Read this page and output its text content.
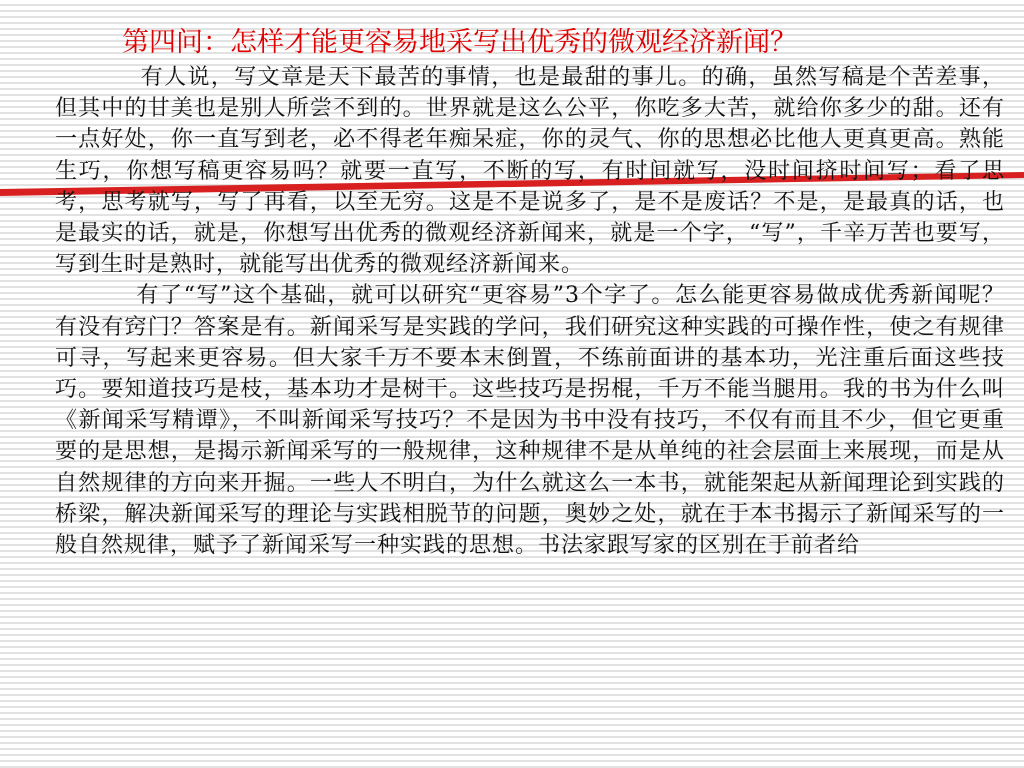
第四问：怎样才能更容易地采写出优秀的微观经济新闻？

有人说，写文章是天下最苦的事情，也是最甜的事儿。的确，虽然写稿是个苦差事，但其中的甘美也是别人所尝不到的。世界就是这么公平，你吃多大苦，就给你多少的甜。还有一点好处，你一直写到老，必不得老年痴呆症，你的灵气、你的思想必比他人更真更高。熟能生巧，你想写稿更容易吗？就要一直写，不断的写，有时间就写，没时间挤时间写；看了思考，思考就写，写了再看，以至无穷。这是不是说多了，是不是废话？不是，是最真的话，也是最实的话，就是，你想写出优秀的微观经济新闻来，就是一个字，“写”，千辛万苦也要写，写到生时是熟时，就能写出优秀的微观经济新闻来。

有了“写”这个基础，就可以研究“更容易”3个字了。怎么能更容易做成优秀新闻呢？有没有窍门？答案是有。新闻采写是实践的学问，我们研究这种实践的可操作性，使之有规律可寻，写起来更容易。但大家千万不要本末倒置，不练前面讲的基本功，光注重后面这些技巧。要知道技巧是枝，基本功才是树干。这些技巧是拐棍，千万不能当腿用。我的书为什么叫《新闻采写精谭》，不叫新闻采写技巧？不是因为书中没有技巧，不仅有而且不少，但它更重要的是思想，是揭示新闻采写的一般规律，这种规律不是从单纯的社会层面上来展现，而是从自然规律的方向来开掘。一些人不明白，为什么就这么一本书，就能架起从新闻理论到实践的桥梁，解决新闻采写的理论与实践相脱节的问题，奥妙之处，就在于本书揭示了新闻采写的一般自然规律，赋予了新闻采写一种实践的思想。书法家跟写家的区别在于前者给
